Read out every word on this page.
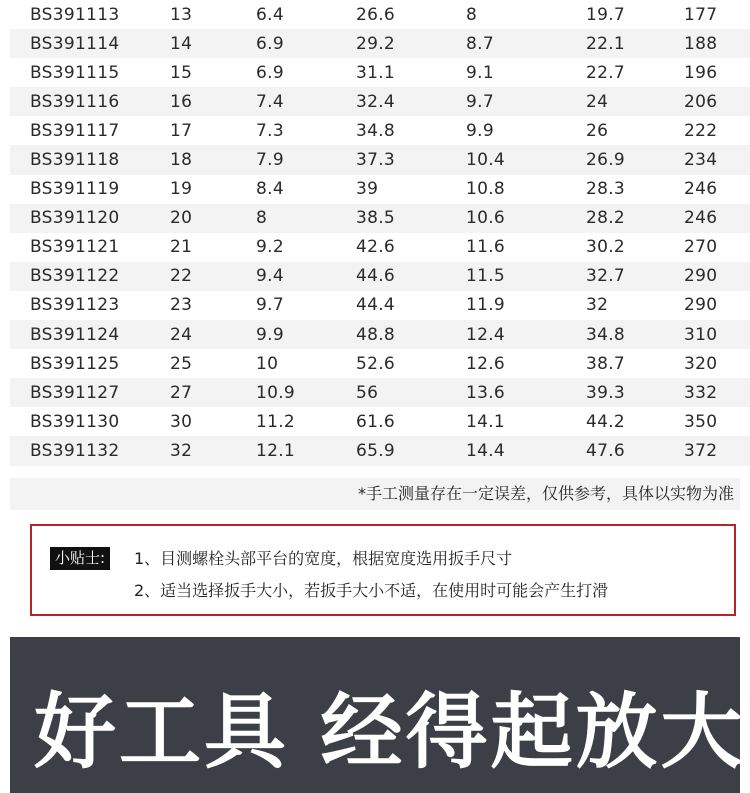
BS391113	13	6.4	26.6	8	19.7	177
BS391114	14	6.9	29.2	8.7	22.1	188
BS391115	15	6.9	31.1	9.1	22.7	196
BS391116	16	7.4	32.4	9.7	24	206
BS391117	17	7.3	34.8	9.9	26	222
BS391118	18	7.9	37.3	10.4	26.9	234
BS391119	19	8.4	39	10.8	28.3	246
BS391120	20	8	38.5	10.6	28.2	246
BS391121	21	9.2	42.6	11.6	30.2	270
BS391122	22	9.4	44.6	11.5	32.7	290
BS391123	23	9.7	44.4	11.9	32	290
BS391124	24	9.9	48.8	12.4	34.8	310
BS391125	25	10	52.6	12.6	38.7	320
BS391127	27	10.9	56	13.6	39.3	332
BS391130	30	11.2	61.6	14.1	44.2	350
BS391132	32	12.1	65.9	14.4	47.6	372
*手工测量存在一定误差，仅供参考，具体以实物为准
小贴士:	1、目测螺栓头部平台的宽度，根据宽度选用扳手尺寸
2、适当选择扳手大小，若扳手大小不适，在使用时可能会产生打滑
好工具 经得起放大
